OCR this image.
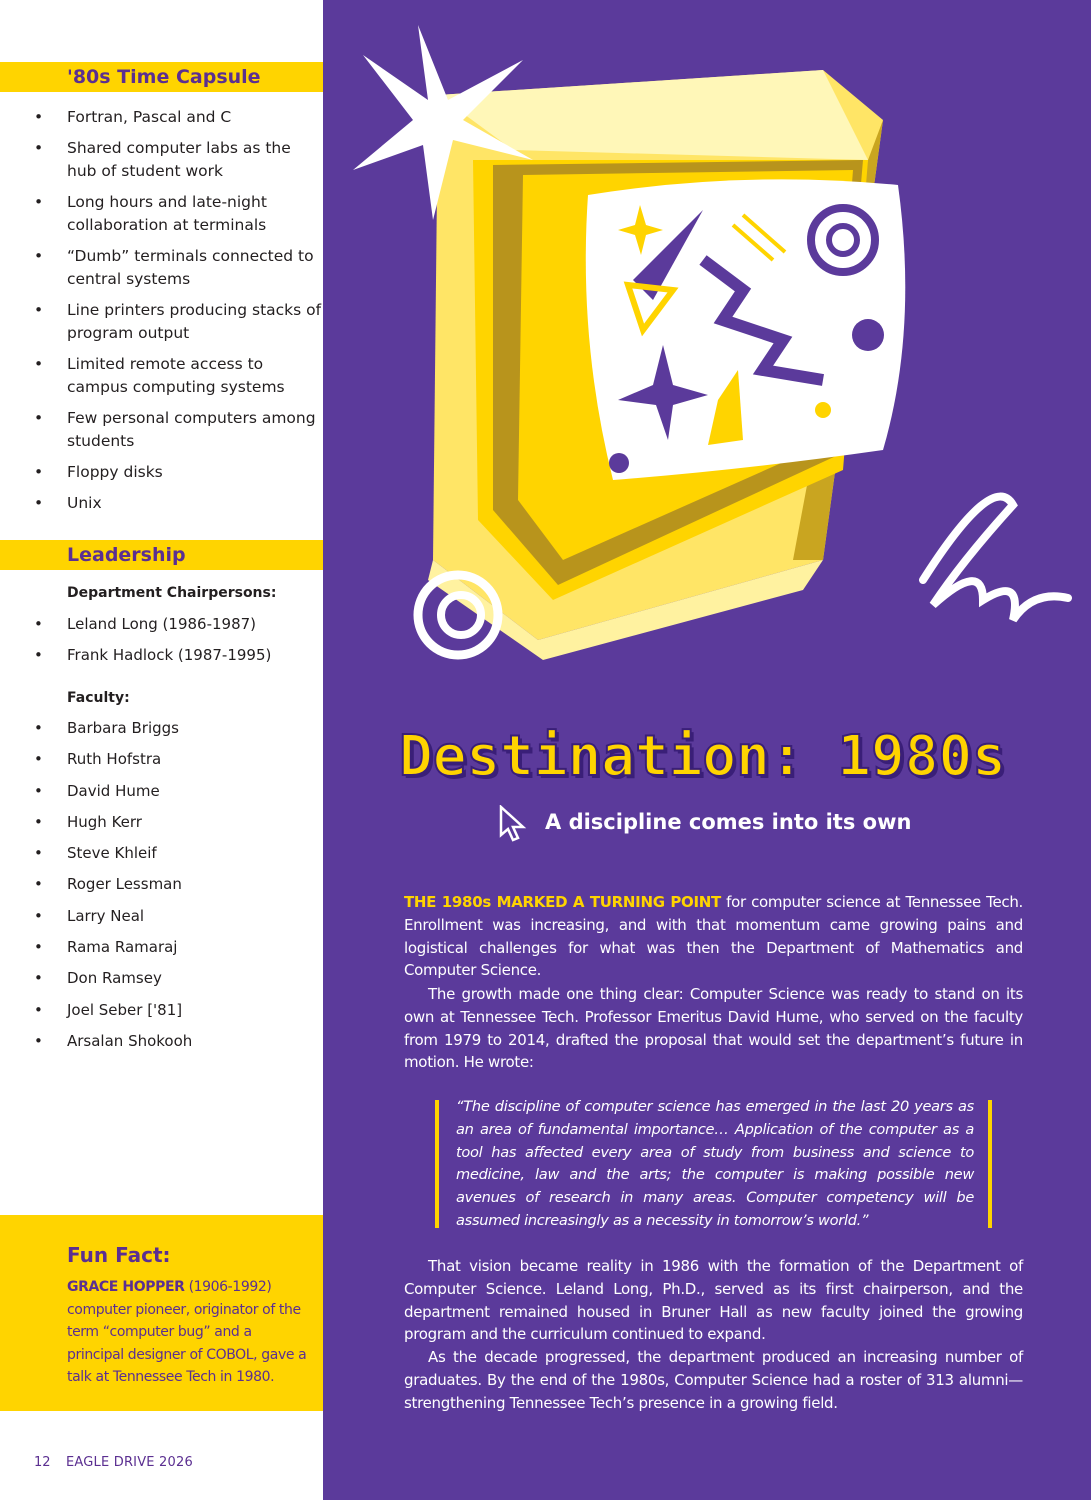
'80s Time Capsule
• Fortran, Pascal and C
• Shared computer labs as the hub of student work
• Long hours and late-night collaboration at terminals
• “Dumb” terminals connected to central systems
• Line printers producing stacks of program output
• Limited remote access to campus computing systems
• Few personal computers among students
• Floppy disks
• Unix
Leadership
Department Chairpersons:
• Leland Long (1986-1987)
• Frank Hadlock (1987-1995)
Faculty:
• Barbara Briggs
• Ruth Hofstra
• David Hume
• Hugh Kerr
• Steve Khleif
• Roger Lessman
• Larry Neal
• Rama Ramaraj
• Don Ramsey
• Joel Seber ['81]
• Arsalan Shokooh
Fun Fact:
GRACE HOPPER (1906-1992) computer pioneer, originator of the term “computer bug” and a principal designer of COBOL, gave a talk at Tennessee Tech in 1980.
12 EAGLE DRIVE 2026
Destination: 1980s
A discipline comes into its own

THE 1980s MARKED A TURNING POINT for computer science at Tennessee Tech. Enrollment was increasing, and with that momentum came growing pains and logistical challenges for what was then the Department of Mathematics and Computer Science.

The growth made one thing clear: Computer Science was ready to stand on its own at Tennessee Tech. Professor Emeritus David Hume, who served on the faculty from 1979 to 2014, drafted the proposal that would set the department’s future in motion. He wrote:

“The discipline of computer science has emerged in the last 20 years as an area of fundamental importance… Application of the computer as a tool has affected every area of study from business and science to medicine, law and the arts; the computer is making possible new avenues of research in many areas. Computer competency will be assumed increasingly as a necessity in tomorrow’s world.”

That vision became reality in 1986 with the formation of the Department of Computer Science. Leland Long, Ph.D., served as its first chairperson, and the department remained housed in Bruner Hall as new faculty joined the growing program and the curriculum continued to expand.

As the decade progressed, the department produced an increasing number of graduates. By the end of the 1980s, Computer Science had a roster of 313 alumni—strengthening Tennessee Tech’s presence in a growing field.
